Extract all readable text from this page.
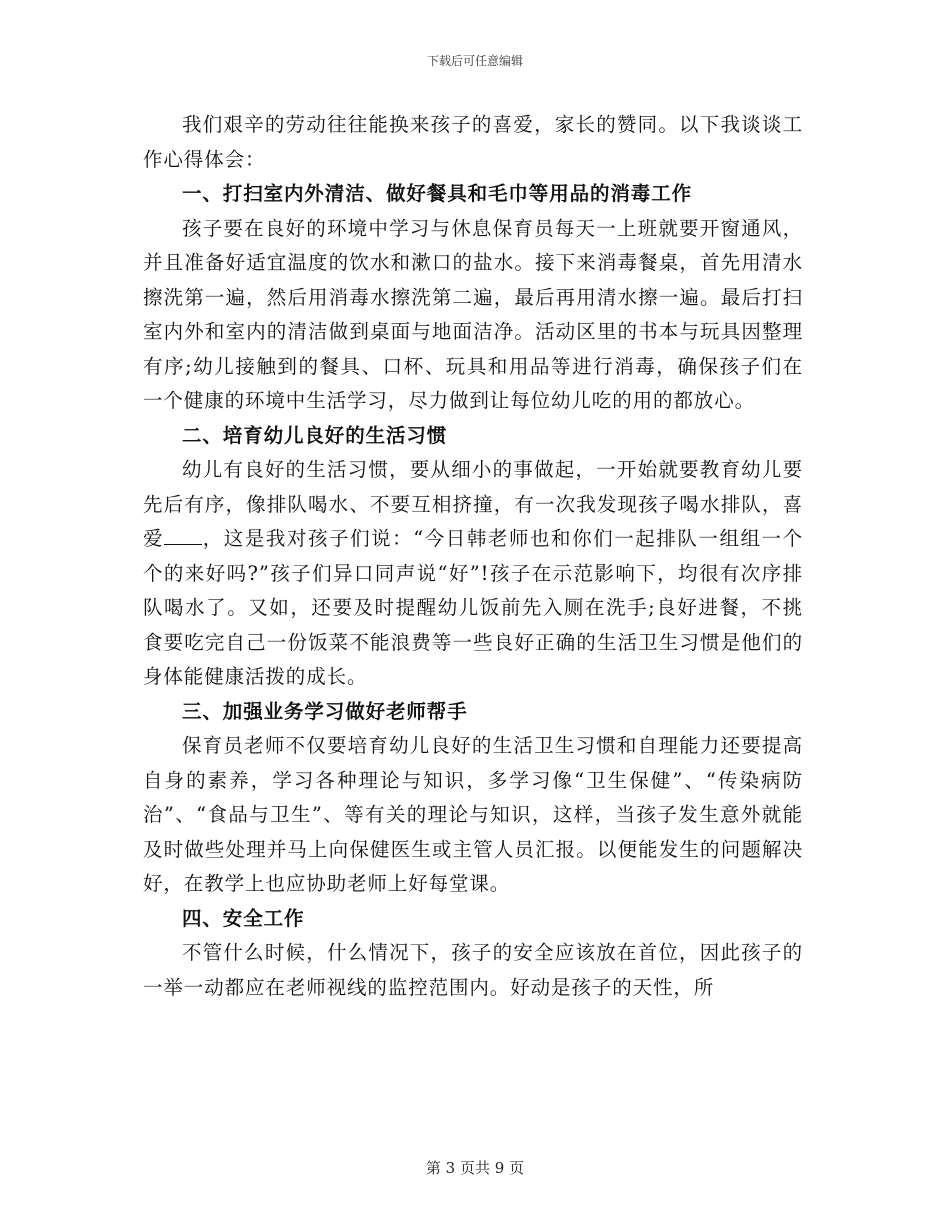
下载后可任意编辑

我们艰辛的劳动往往能换来孩子的喜爱，家长的赞同。以下我谈谈工作心得体会：

一、打扫室内外清洁、做好餐具和毛巾等用品的消毒工作

孩子要在良好的环境中学习与休息保育员每天一上班就要开窗通风，并且准备好适宜温度的饮水和漱口的盐水。接下来消毒餐桌，首先用清水擦洗第一遍，然后用消毒水擦洗第二遍，最后再用清水擦一遍。最后打扫室内外和室内的清洁做到桌面与地面洁净。活动区里的书本与玩具因整理有序;幼儿接触到的餐具、口杯、玩具和用品等进行消毒，确保孩子们在一个健康的环境中生活学习，尽力做到让每位幼儿吃的用的都放心。

二、培育幼儿良好的生活习惯

幼儿有良好的生活习惯，要从细小的事做起，一开始就要教育幼儿要先后有序，像排队喝水、不要互相挤撞，有一次我发现孩子喝水排队，喜爱 ，这是我对孩子们说：“今日韩老师也和你们一起排队一组组一个个的来好吗?”孩子们异口同声说“好”!孩子在示范影响下，均很有次序排队喝水了。又如，还要及时提醒幼儿饭前先入厕在洗手;良好进餐，不挑食要吃完自己一份饭菜不能浪费等一些良好正确的生活卫生习惯是他们的身体能健康活拨的成长。

三、加强业务学习做好老师帮手

保育员老师不仅要培育幼儿良好的生活卫生习惯和自理能力还要提高自身的素养，学习各种理论与知识，多学习像“卫生保健”、“传染病防治”、“食品与卫生”、等有关的理论与知识，这样，当孩子发生意外就能及时做些处理并马上向保健医生或主管人员汇报。以便能发生的问题解决好，在教学上也应协助老师上好每堂课。

四、安全工作

不管什么时候，什么情况下，孩子的安全应该放在首位，因此孩子的一举一动都应在老师视线的监控范围内。好动是孩子的天性，所

第 3 页共 9 页
